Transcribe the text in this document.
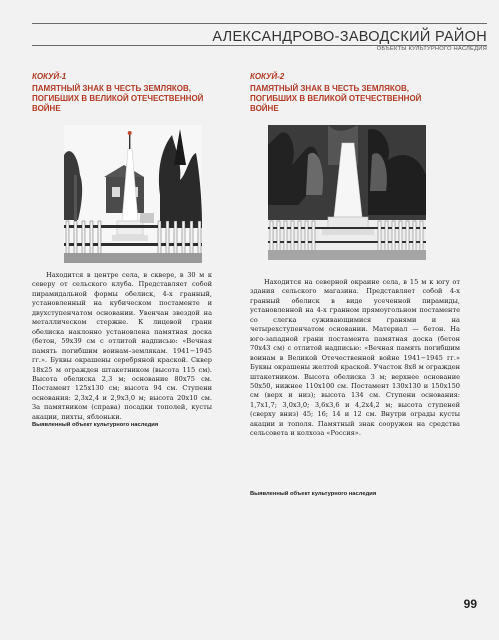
АЛЕКСАНДРОВО-ЗАВОДСКИЙ РАЙОН
ОБЪЕКТЫ КУЛЬТУРНОГО НАСЛЕДИЯ
КОКУЙ-1
ПАМЯТНЫЙ ЗНАК В ЧЕСТЬ ЗЕМЛЯКОВ,
ПОГИБШИХ В ВЕЛИКОЙ ОТЕЧЕСТВЕННОЙ
ВОЙНЕ

Находится в центре села, в сквере, в 30 м к северу от сельского клуба. Представляет собой пирамидальной формы обелиск, 4-х гранный, установленный на кубическом постаменте и двухступенчатом основании. Увенчан звездой на металлическом стержне. К лицевой грани обелиска наклонно установлена памятная доска (бетон, 59х39 см с отлитой надписью: «Вечная память погибшим воинам–землякам. 1941−1945 гг.». Буквы окрашены серебряной краской. Сквер 18х25 м огражден штакетником (высота 115 см). Высота обелиска 2,3 м; основание 80х75 см. Постамент 125х130 см; высота 94 см. Ступени основания: 2,3х2,4 и 2,9х3,0 м; высота 20х10 см. За памятником (справа) посадки тополей, кусты акации, пихты, яблоньки.

Выявленный объект культурного наследия
КОКУЙ-2
ПАМЯТНЫЙ ЗНАК В ЧЕСТЬ ЗЕМЛЯКОВ,
ПОГИБШИХ В ВЕЛИКОЙ ОТЕЧЕСТВЕННОЙ
ВОЙНЕ

Находится на северной окраине села, в 15 м к югу от здания сельского магазина. Представляет собой 4-х гранный обелиск в виде усеченной пирамиды, установленной на 4-х гранном прямоугольном постаменте со слегка суживающимися гранями и на четырехступенчатом основании. Материал — бетон. На юго-западной грани постамента памятная доска (бетон 70х43 см) с отлитой надписью: «Вечная память погибшим воинам в Великой Отечественной войне 1941−1945 гг.» Буквы окрашены желтой краской. Участок 8х8 м огражден штакетником. Высота обелиска 3 м; верхнее основание 50х50, нижнее 110х100 см. Постамент 130х130 и 150х150 см (верх и низ); высота 134 см. Ступени основания: 1,7х1,7; 3,0х3,0; 3,6х3,6 и 4,2х4,2 м; высота ступеней (сверху вниз) 45; 16; 14 и 12 см. Внутри ограды кусты акации и тополя. Памятный знак сооружен на средства сельсовета и колхоза «Россия».

Выявленный объект культурного наследия
99
